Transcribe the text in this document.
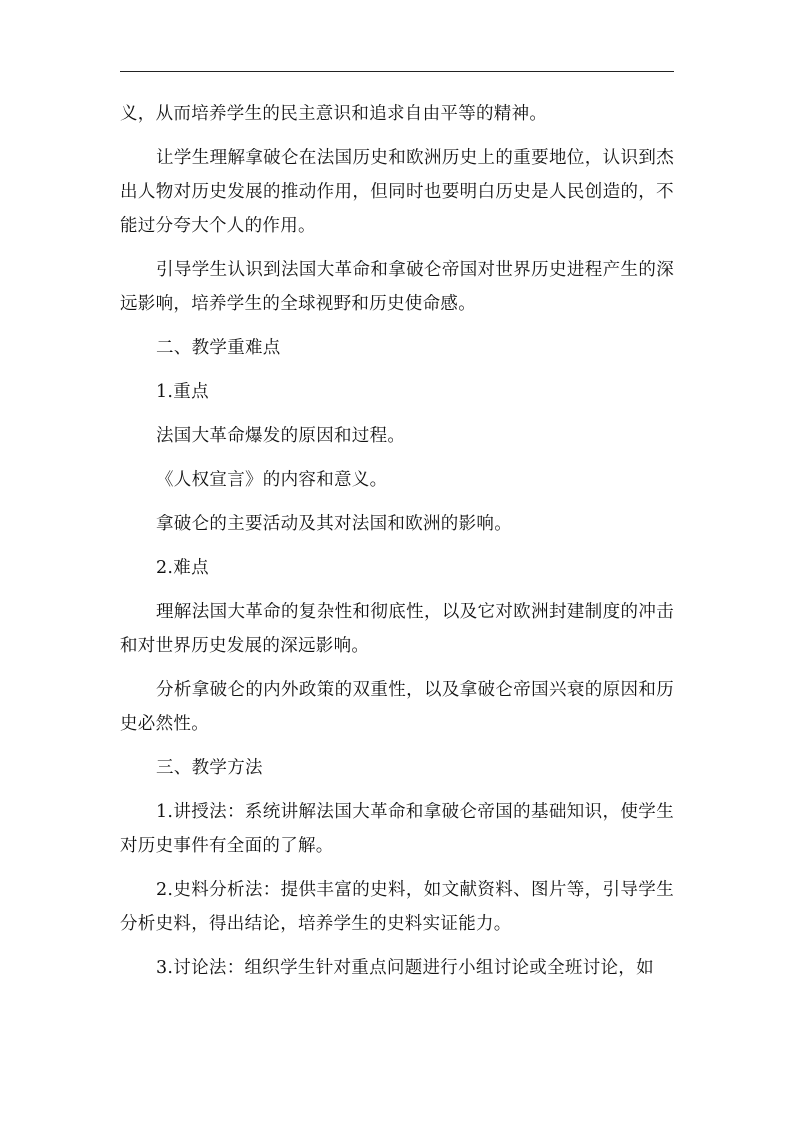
义，从而培养学生的民主意识和追求自由平等的精神。

让学生理解拿破仑在法国历史和欧洲历史上的重要地位，认识到杰出人物对历史发展的推动作用，但同时也要明白历史是人民创造的，不能过分夸大个人的作用。

引导学生认识到法国大革命和拿破仑帝国对世界历史进程产生的深远影响，培养学生的全球视野和历史使命感。

二、教学重难点

1.重点

法国大革命爆发的原因和过程。

《人权宣言》的内容和意义。

拿破仑的主要活动及其对法国和欧洲的影响。

2.难点

理解法国大革命的复杂性和彻底性，以及它对欧洲封建制度的冲击和对世界历史发展的深远影响。

分析拿破仑的内外政策的双重性，以及拿破仑帝国兴衰的原因和历史必然性。

三、教学方法

1.讲授法：系统讲解法国大革命和拿破仑帝国的基础知识，使学生对历史事件有全面的了解。

2.史料分析法：提供丰富的史料，如文献资料、图片等，引导学生分析史料，得出结论，培养学生的史料实证能力。

3.讨论法：组织学生针对重点问题进行小组讨论或全班讨论，如
